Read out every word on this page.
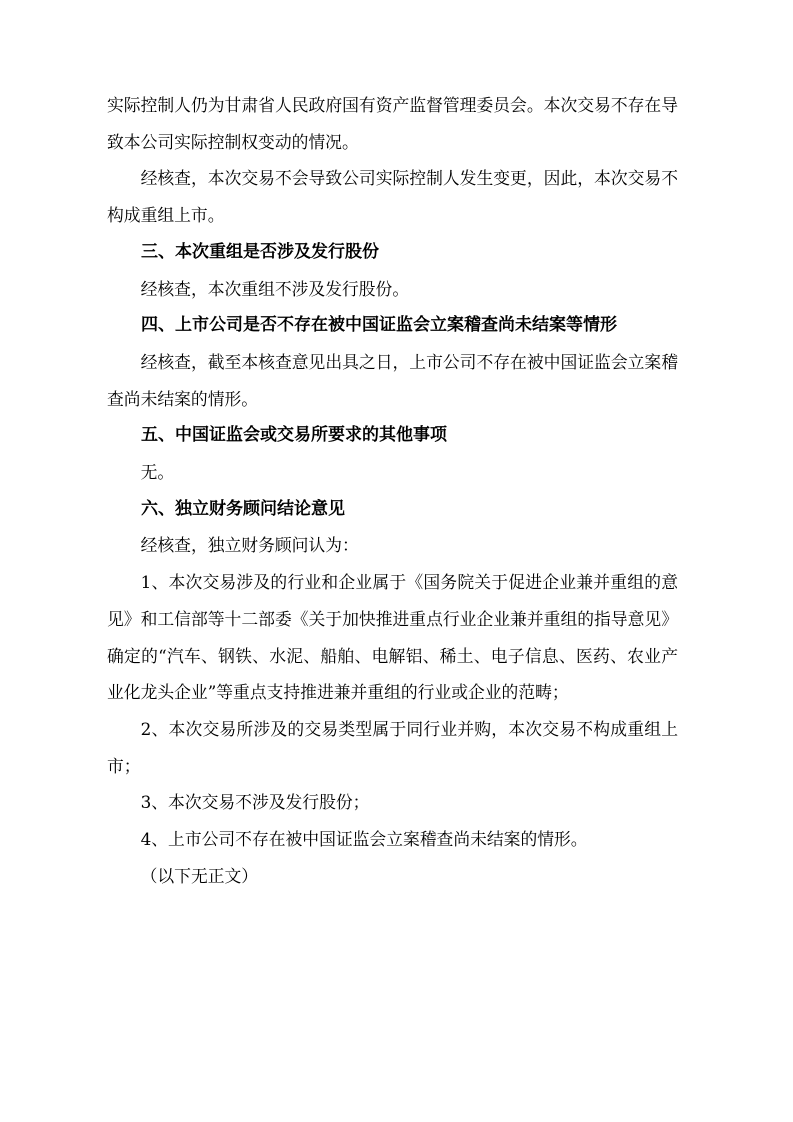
实际控制人仍为甘肃省人民政府国有资产监督管理委员会。本次交易不存在导致本公司实际控制权变动的情况。

经核查，本次交易不会导致公司实际控制人发生变更，因此，本次交易不构成重组上市。

三、本次重组是否涉及发行股份

经核查，本次重组不涉及发行股份。

四、上市公司是否不存在被中国证监会立案稽查尚未结案等情形

经核查，截至本核查意见出具之日，上市公司不存在被中国证监会立案稽查尚未结案的情形。

五、中国证监会或交易所要求的其他事项

无。

六、独立财务顾问结论意见

经核查，独立财务顾问认为：

1、本次交易涉及的行业和企业属于《国务院关于促进企业兼并重组的意见》和工信部等十二部委《关于加快推进重点行业企业兼并重组的指导意见》确定的“汽车、钢铁、水泥、船舶、电解铝、稀土、电子信息、医药、农业产业化龙头企业”等重点支持推进兼并重组的行业或企业的范畴；

2、本次交易所涉及的交易类型属于同行业并购，本次交易不构成重组上市；

3、本次交易不涉及发行股份；

4、上市公司不存在被中国证监会立案稽查尚未结案的情形。

（以下无正文）
